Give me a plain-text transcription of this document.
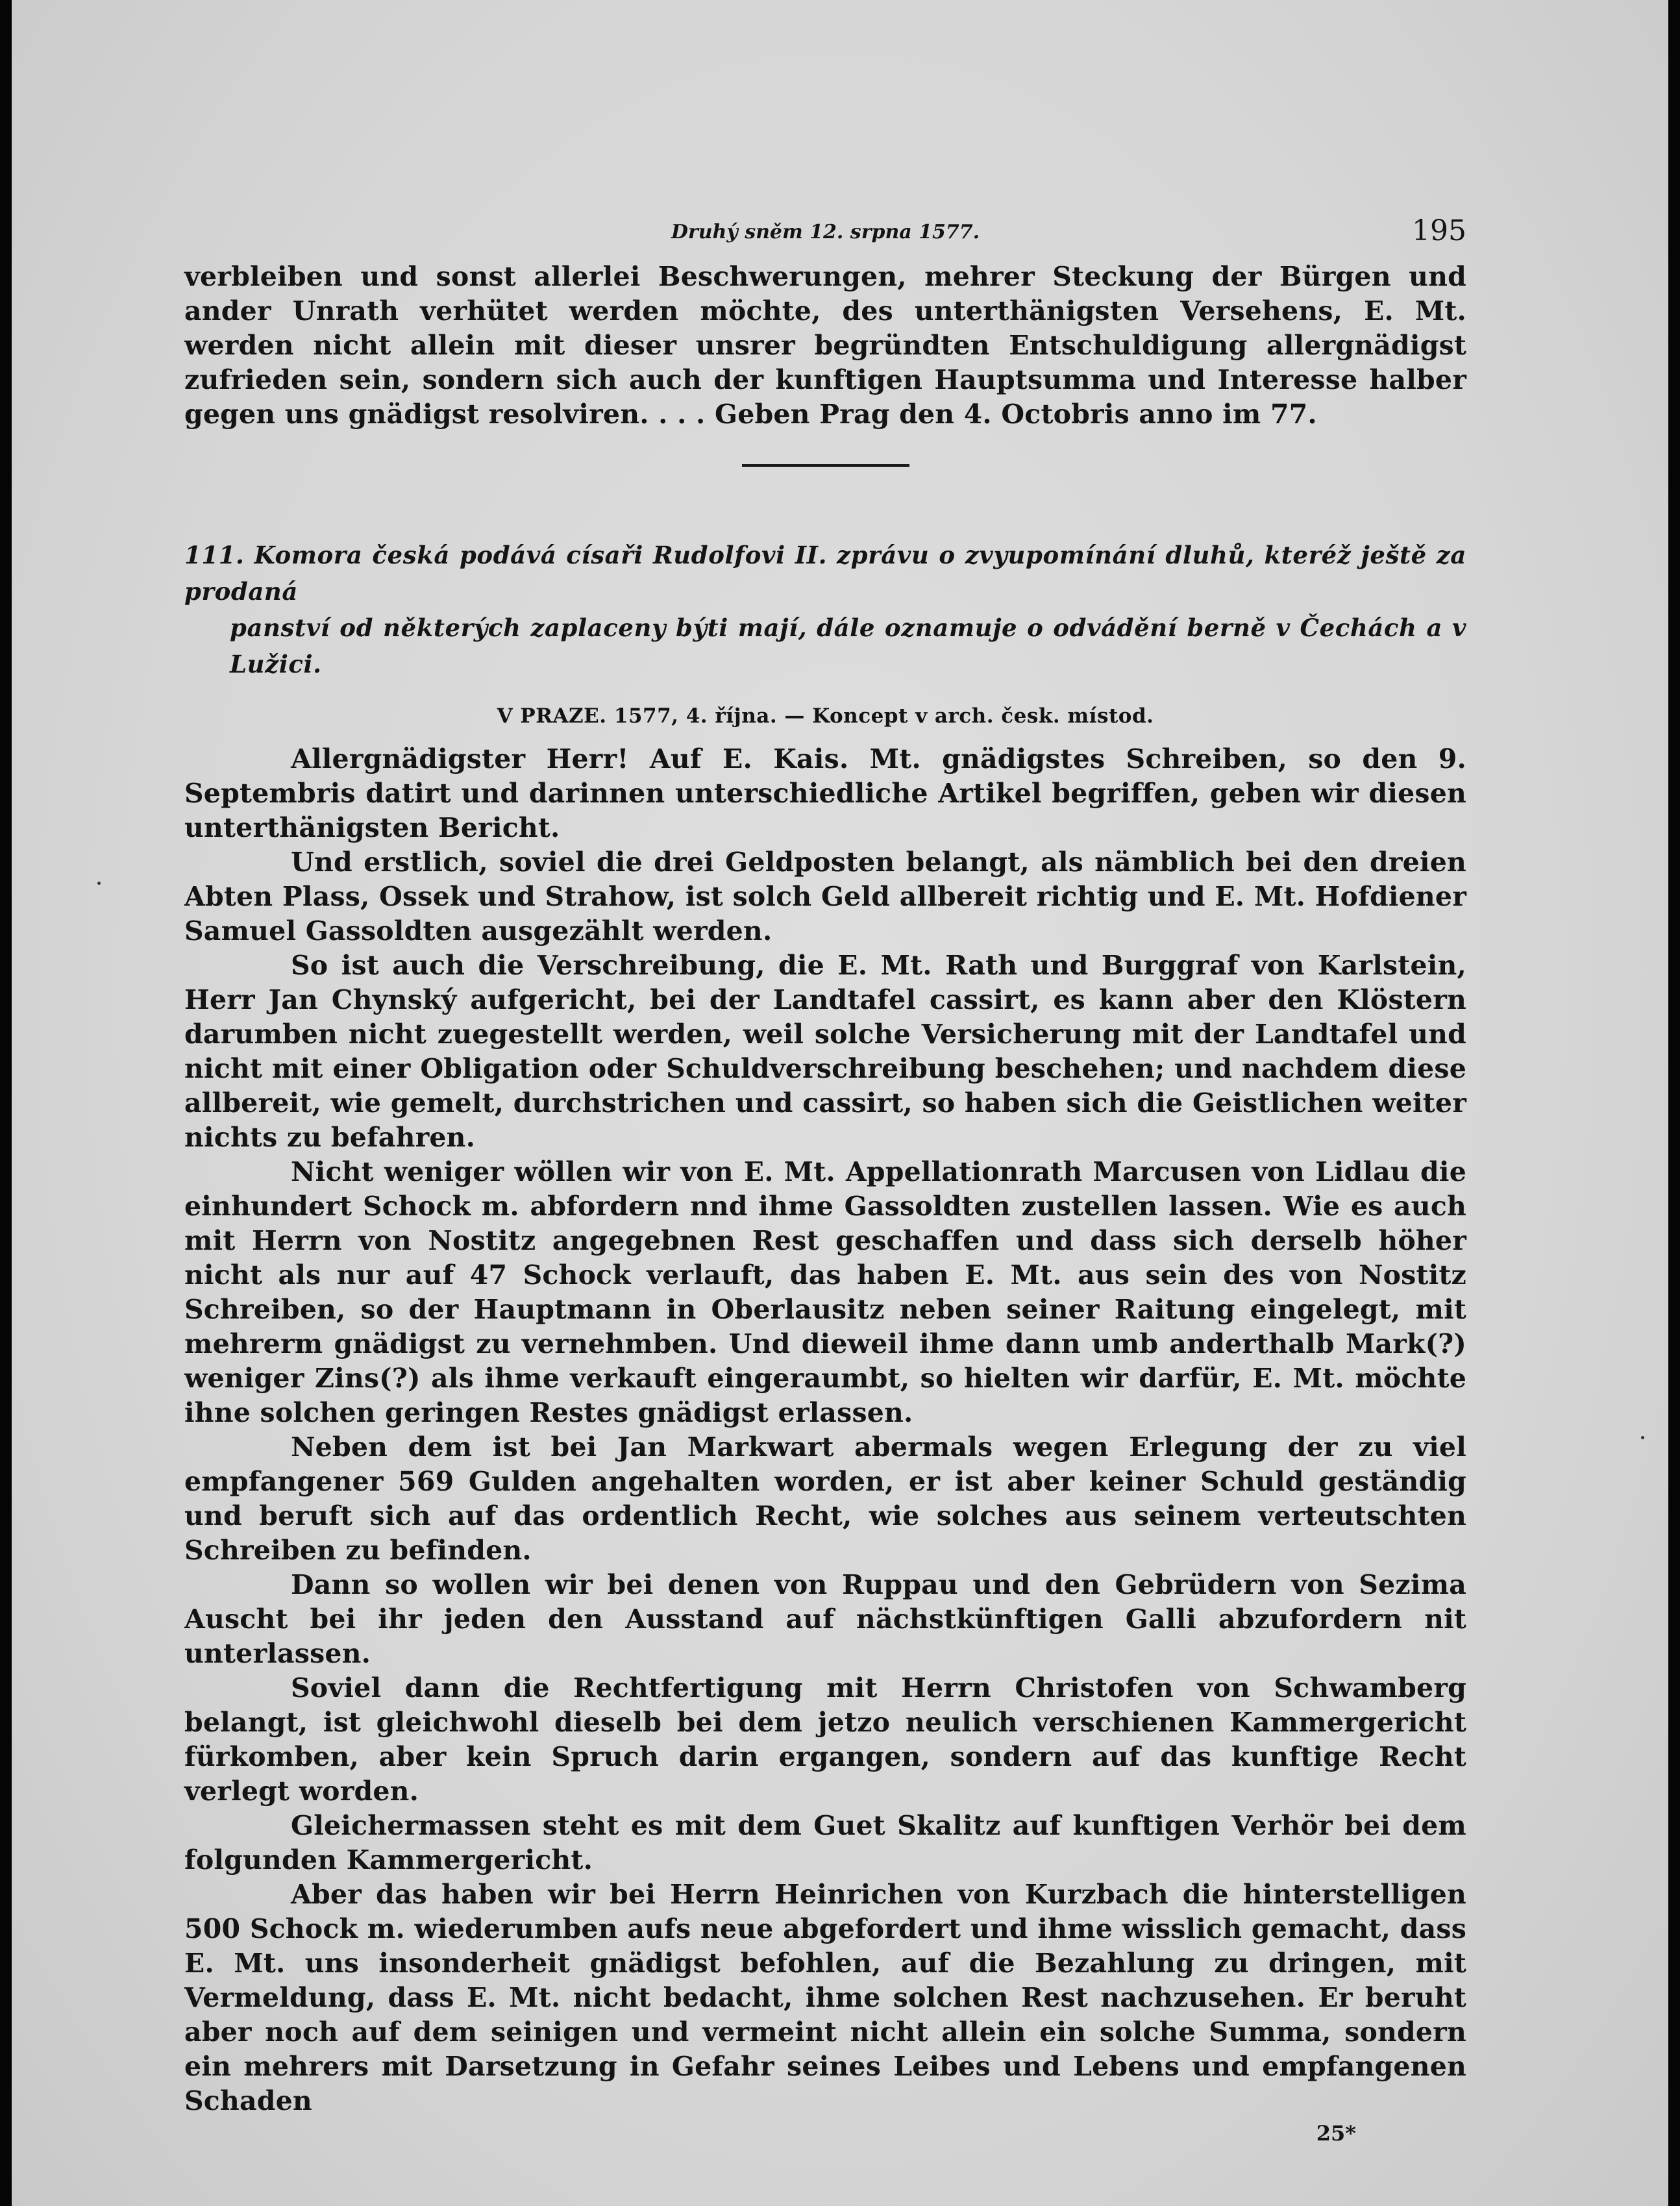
Druhý sněm 12. srpna 1577.	195

verbleiben und sonst allerlei Beschwerungen, mehrer Steckung der Bürgen und ander Unrath verhütet werden möchte, des unterthänigsten Versehens, E. Mt. werden nicht allein mit dieser unsrer begründten Entschuldigung allergnädigst zufrieden sein, sondern sich auch der kunftigen Hauptsumma und Interesse halber gegen uns gnädigst resolviren. . . . Geben Prag den 4. Octobris anno im 77.

111. Komora česká podává císaři Rudolfovi II. zprávu o zvyupomínání dluhů, kteréž ještě za prodaná
panství od některých zaplaceny býti mají, dále oznamuje o odvádění berně v Čechách a v Lužici.
V PRAZE. 1577, 4. října. — Koncept v arch. česk. místod.

Allergnädigster Herr! Auf E. Kais. Mt. gnädigstes Schreiben, so den 9. Septembris datirt und darinnen unterschiedliche Artikel begriffen, geben wir diesen unterthänigsten Bericht.

Und erstlich, soviel die drei Geldposten belangt, als nämblich bei den dreien Abten Plass, Ossek und Strahow, ist solch Geld allbereit richtig und E. Mt. Hofdiener Samuel Gassoldten ausgezählt werden.

So ist auch die Verschreibung, die E. Mt. Rath und Burggraf von Karlstein, Herr Jan Chynský aufgericht, bei der Landtafel cassirt, es kann aber den Klöstern darumben nicht zuegestellt werden, weil solche Versicherung mit der Landtafel und nicht mit einer Obligation oder Schuldverschreibung beschehen; und nachdem diese allbereit, wie gemelt, durchstrichen und cassirt, so haben sich die Geistlichen weiter nichts zu befahren.

Nicht weniger wöllen wir von E. Mt. Appellationrath Marcusen von Lidlau die einhundert Schock m. abfordern nnd ihme Gassoldten zustellen lassen. Wie es auch mit Herrn von Nostitz angegebnen Rest geschaffen und dass sich derselb höher nicht als nur auf 47 Schock verlauft, das haben E. Mt. aus sein des von Nostitz Schreiben, so der Hauptmann in Oberlausitz neben seiner Raitung eingelegt, mit mehrerm gnädigst zu vernehmben. Und dieweil ihme dann umb anderthalb Mark(?) weniger Zins(?) als ihme verkauft eingeraumbt, so hielten wir darfür, E. Mt. möchte ihne solchen geringen Restes gnädigst erlassen.

Neben dem ist bei Jan Markwart abermals wegen Erlegung der zu viel empfangener 569 Gulden angehalten worden, er ist aber keiner Schuld geständig und beruft sich auf das ordentlich Recht, wie solches aus seinem verteutschten Schreiben zu befinden.

Dann so wollen wir bei denen von Ruppau und den Gebrüdern von Sezima Auscht bei ihr jeden den Ausstand auf nächstkünftigen Galli abzufordern nit unterlassen.

Soviel dann die Rechtfertigung mit Herrn Christofen von Schwamberg belangt, ist gleichwohl dieselb bei dem jetzo neulich verschienen Kammergericht fürkomben, aber kein Spruch darin ergangen, sondern auf das kunftige Recht verlegt worden.

Gleichermassen steht es mit dem Guet Skalitz auf kunftigen Verhör bei dem folgunden Kammergericht.

Aber das haben wir bei Herrn Heinrichen von Kurzbach die hinterstelligen 500 Schock m. wiederumben aufs neue abgefordert und ihme wisslich gemacht, dass E. Mt. uns insonderheit gnädigst befohlen, auf die Bezahlung zu dringen, mit Vermeldung, dass E. Mt. nicht bedacht, ihme solchen Rest nachzusehen. Er beruht aber noch auf dem seinigen und vermeint nicht allein ein solche Summa, sondern ein mehrers mit Darsetzung in Gefahr seines Leibes und Lebens und empfangenen Schaden

25*
